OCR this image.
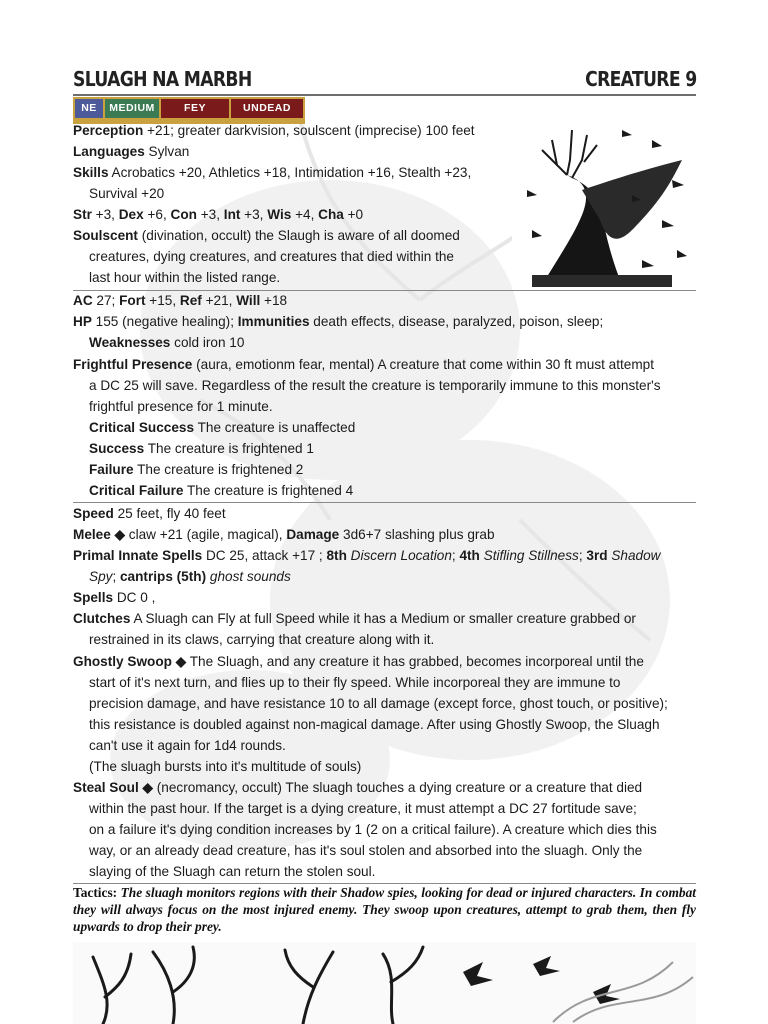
SLUAGH NA MARBH	CREATURE 9
NE	MEDIUM	FEY	UNDEAD
Perception +21; greater darkvision, soulscent (imprecise) 100 feet
Languages Sylvan
Skills Acrobatics +20, Athletics +18, Intimidation +16, Stealth +23,
Survival +20
Str +3, Dex +6, Con +3, Int +3, Wis +4, Cha +0
Soulscent (divination, occult) the Slaugh is aware of all doomed
creatures, dying creatures, and creatures that died within the
last hour within the listed range.
AC 27; Fort +15, Ref +21, Will +18
HP 155 (negative healing); Immunities death effects, disease, paralyzed, poison, sleep;
Weaknesses cold iron 10
Frightful Presence (aura, emotionm fear, mental) A creature that come within 30 ft must attempt
a DC 25 will save. Regardless of the result the creature is temporarily immune to this monster's
frightful presence for 1 minute.
Critical Success The creature is unaffected
Success The creature is frightened 1
Failure The creature is frightened 2
Critical Failure The creature is frightened 4
Speed 25 feet, fly 40 feet
Melee ◆ claw +21 (agile, magical), Damage 3d6+7 slashing plus grab
Primal Innate Spells DC 25, attack +17 ; 8th Discern Location; 4th Stifling Stillness; 3rd Shadow
Spy; cantrips (5th) ghost sounds
Spells DC 0 ,
Clutches A Sluagh can Fly at full Speed while it has a Medium or smaller creature grabbed or
restrained in its claws, carrying that creature along with it.
Ghostly Swoop ◆ The Sluagh, and any creature it has grabbed, becomes incorporeal until the
start of it's next turn, and flies up to their fly speed. While incorporeal they are immune to
precision damage, and have resistance 10 to all damage (except force, ghost touch, or positive);
this resistance is doubled against non-magical damage. After using Ghostly Swoop, the Sluagh
can't use it again for 1d4 rounds.
(The sluagh bursts into it's multitude of souls)
Steal Soul ◆ (necromancy, occult) The sluagh touches a dying creature or a creature that died
within the past hour. If the target is a dying creature, it must attempt a DC 27 fortitude save;
on a failure it's dying condition increases by 1 (2 on a critical failure). A creature which dies this
way, or an already dead creature, has it's soul stolen and absorbed into the sluagh. Only the
slaying of the Sluagh can return the stolen soul.
Tactics: The sluagh monitors regions with their Shadow spies, looking for dead or injured characters. In combat they will always focus on the most injured enemy. They swoop upon creatures, attempt to grab them, then fly upwards to drop their prey.
